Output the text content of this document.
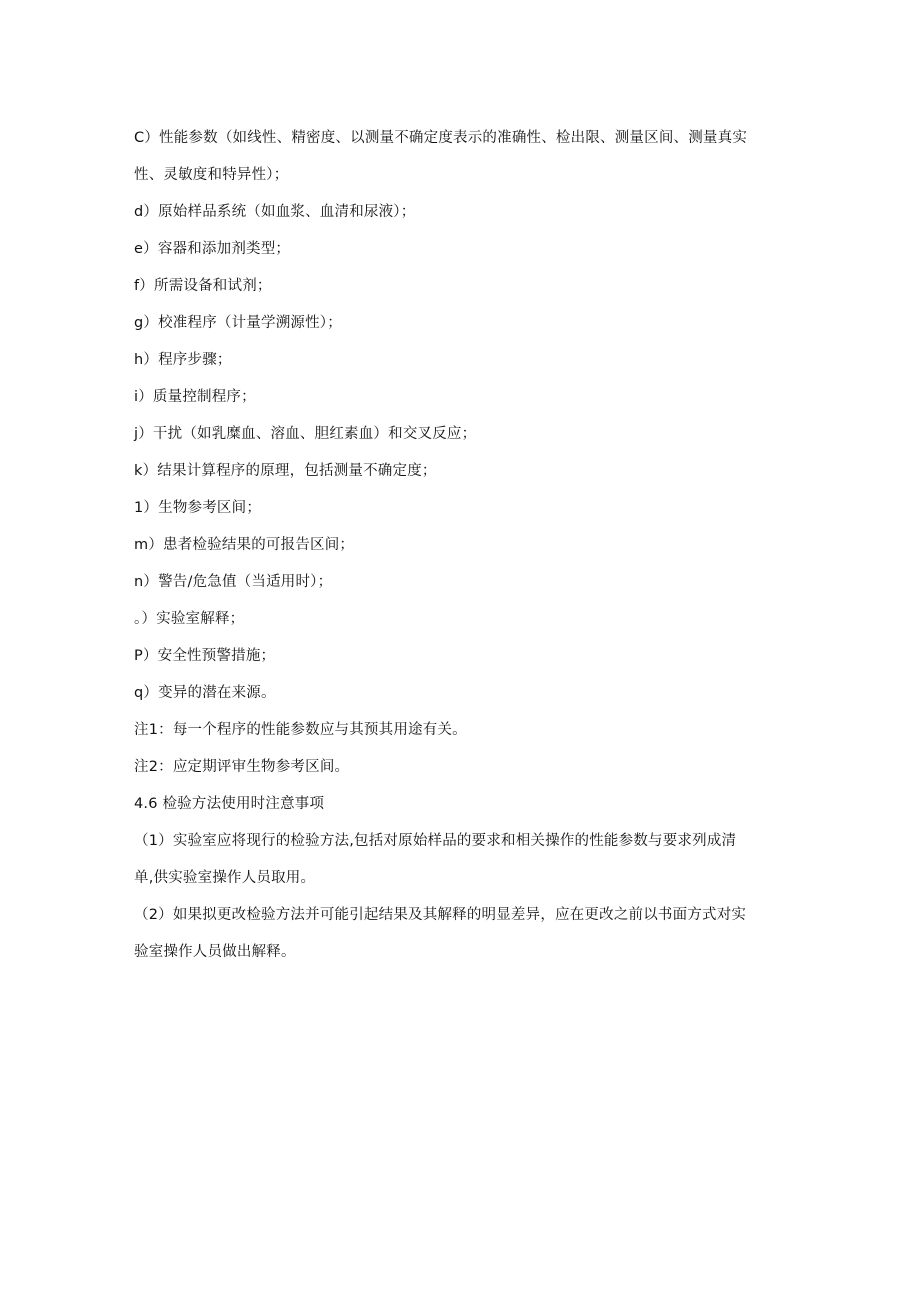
C）性能参数（如线性、精密度、以测量不确定度表示的准确性、检出限、测量区间、测量真实
性、灵敏度和特异性）；
d）原始样品系统（如血浆、血清和尿液）；
e）容器和添加剂类型；
f）所需设备和试剂；
g）校准程序（计量学溯源性）；
h）程序步骤；
i）质量控制程序；
j）干扰（如乳糜血、溶血、胆红素血）和交叉反应；
k）结果计算程序的原理，包括测量不确定度；
1）生物参考区间；
m）患者检验结果的可报告区间；
n）警告/危急值（当适用时）；
。）实验室解释；
P）安全性预警措施；
q）变异的潜在来源。
注1：每一个程序的性能参数应与其预其用途有关。
注2：应定期评审生物参考区间。
4.6 检验方法使用时注意事项
（1）实验室应将现行的检验方法,包括对原始样品的要求和相关操作的性能参数与要求列成清
单,供实验室操作人员取用。
（2）如果拟更改检验方法并可能引起结果及其解释的明显差异，应在更改之前以书面方式对实
验室操作人员做出解释。
